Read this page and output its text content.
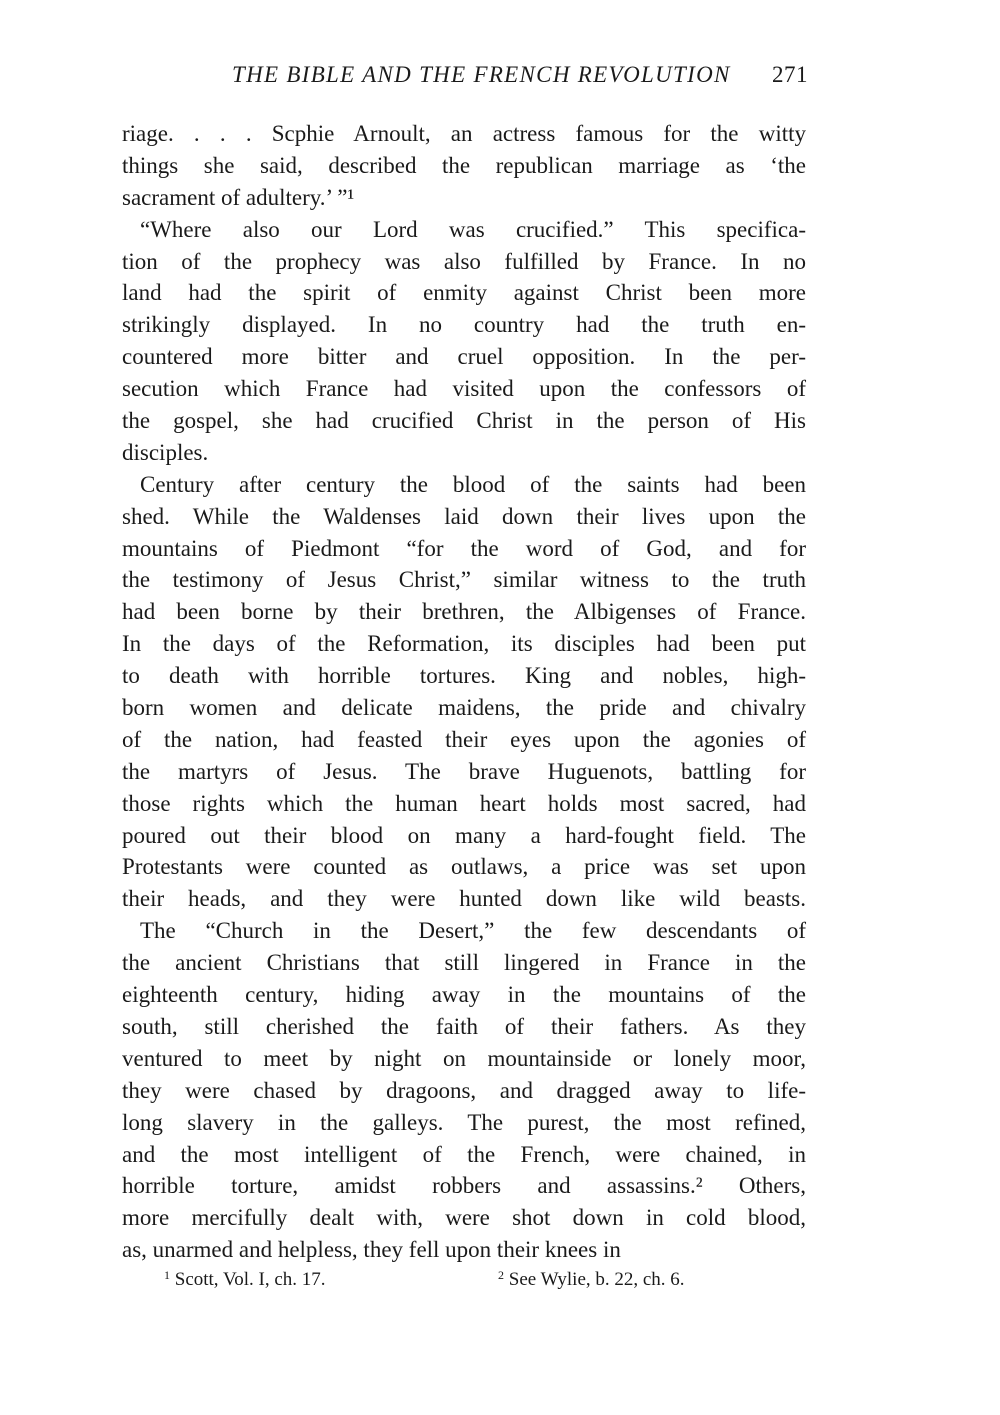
THE BIBLE AND THE FRENCH REVOLUTION 271
riage. . . . Scphie Arnoult, an actress famous for the witty
things she said, described the republican marriage as ‘the
sacrament of adultery.’ ”¹
“Where also our Lord was crucified.” This specifica-
tion of the prophecy was also fulfilled by France. In no
land had the spirit of enmity against Christ been more
strikingly displayed. In no country had the truth en-
countered more bitter and cruel opposition. In the per-
secution which France had visited upon the confessors of
the gospel, she had crucified Christ in the person of His
disciples.
Century after century the blood of the saints had been
shed. While the Waldenses laid down their lives upon the
mountains of Piedmont “for the word of God, and for
the testimony of Jesus Christ,” similar witness to the truth
had been borne by their brethren, the Albigenses of France.
In the days of the Reformation, its disciples had been put
to death with horrible tortures. King and nobles, high-
born women and delicate maidens, the pride and chivalry
of the nation, had feasted their eyes upon the agonies of
the martyrs of Jesus. The brave Huguenots, battling for
those rights which the human heart holds most sacred, had
poured out their blood on many a hard-fought field. The
Protestants were counted as outlaws, a price was set upon
their heads, and they were hunted down like wild beasts.
The “Church in the Desert,” the few descendants of
the ancient Christians that still lingered in France in the
eighteenth century, hiding away in the mountains of the
south, still cherished the faith of their fathers. As they
ventured to meet by night on mountainside or lonely moor,
they were chased by dragoons, and dragged away to life-
long slavery in the galleys. The purest, the most refined,
and the most intelligent of the French, were chained, in
horrible torture, amidst robbers and assassins.² Others,
more mercifully dealt with, were shot down in cold blood,
as, unarmed and helpless, they fell upon their knees in
$^1$ Scott, Vol. I, ch. 17.	$^2$ See Wylie, b. 22, ch. 6.
